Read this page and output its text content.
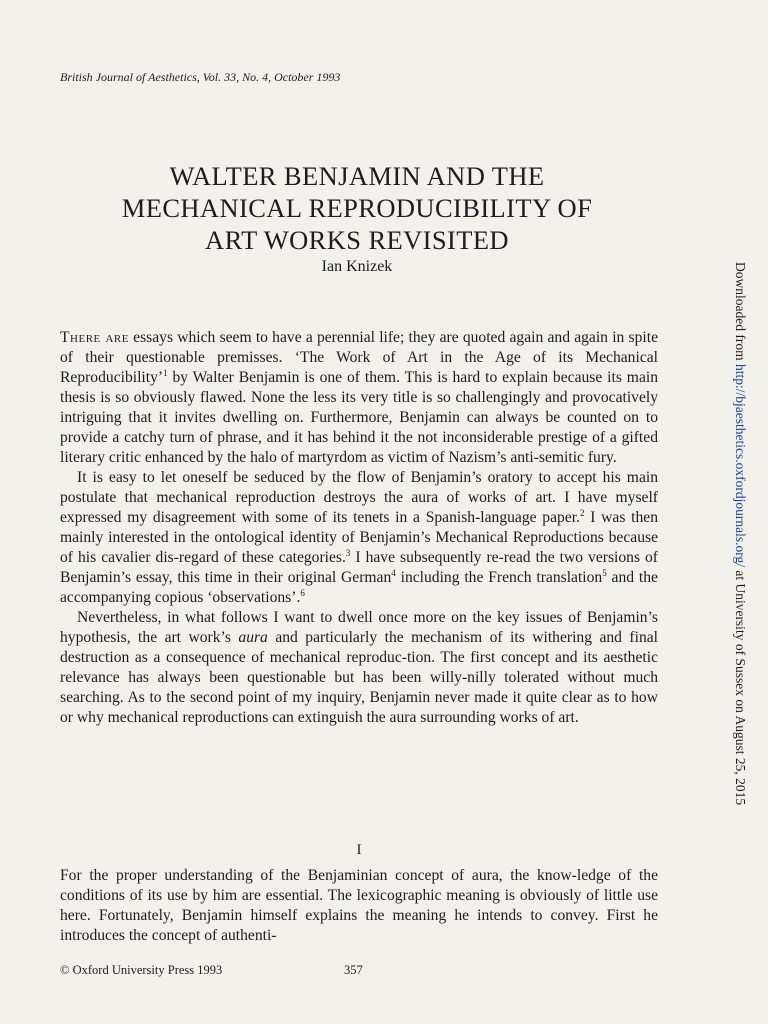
British Journal of Aesthetics, Vol. 33, No. 4, October 1993
WALTER BENJAMIN AND THE
MECHANICAL REPRODUCIBILITY OF
ART WORKS REVISITED
Ian Knizek

There are essays which seem to have a perennial life; they are quoted again and again in spite of their questionable premisses. ‘The Work of Art in the Age of its Mechanical Reproducibility’$^1$ by Walter Benjamin is one of them. This is hard to explain because its main thesis is so obviously flawed. None the less its very title is so challengingly and provocatively intriguing that it invites dwelling on. Furthermore, Benjamin can always be counted on to provide a catchy turn of phrase, and it has behind it the not inconsiderable prestige of a gifted literary critic enhanced by the halo of martyrdom as victim of Nazism’s anti-semitic fury.

It is easy to let oneself be seduced by the flow of Benjamin’s oratory to accept his main postulate that mechanical reproduction destroys the aura of works of art. I have myself expressed my disagreement with some of its tenets in a Spanish-language paper.$^2$ I was then mainly interested in the ontological identity of Benjamin’s Mechanical Reproductions because of his cavalier dis-regard of these categories.$^3$ I have subsequently re-read the two versions of Benjamin’s essay, this time in their original German$^4$ including the French translation$^5$ and the accompanying copious ‘observations’.$^6$

Nevertheless, in what follows I want to dwell once more on the key issues of Benjamin’s hypothesis, the art work’s aura and particularly the mechanism of its withering and final destruction as a consequence of mechanical reproduc-tion. The first concept and its aesthetic relevance has always been questionable but has been willy-nilly tolerated without much searching. As to the second point of my inquiry, Benjamin never made it quite clear as to how or why mechanical reproductions can extinguish the aura surrounding works of art.

I

For the proper understanding of the Benjaminian concept of aura, the know-ledge of the conditions of its use by him are essential. The lexicographic meaning is obviously of little use here. Fortunately, Benjamin himself explains the meaning he intends to convey. First he introduces the concept of authenti-

© Oxford University Press 1993	357
Downloaded from http://bjaesthetics.oxfordjournals.org/ at University of Sussex on August 25, 2015
